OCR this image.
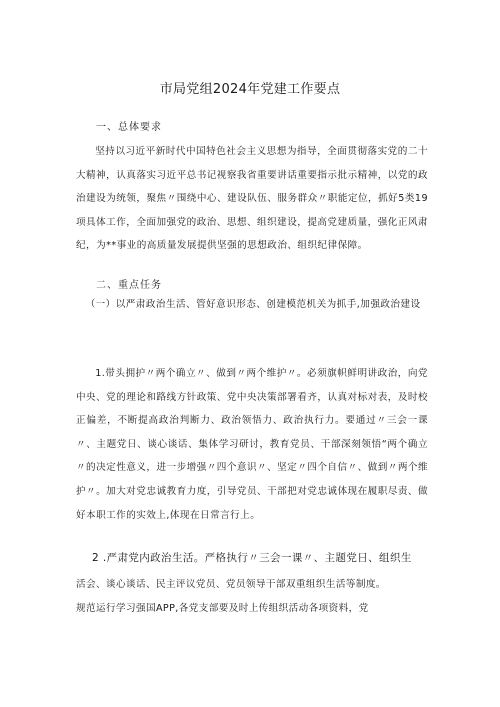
市局党组2024年党建工作要点
一、总体要求

坚持以习近平新时代中国特色社会主义思想为指导，全面贯彻落实党的二十大精神，认真落实习近平总书记视察我省重要讲话重要指示批示精神，以党的政治建设为统领，聚焦〃围绕中心、建设队伍、服务群众〃职能定位，抓好5类19项具体工作，全面加强党的政治、思想、组织建设，提高党建质量，强化正风肃纪，为**事业的高质量发展提供坚强的思想政治、组织纪律保障。

二、重点任务

（一）以严肃政治生活、管好意识形态、创建模范机关为抓手,加强政治建设

1.带头拥护〃两个确立〃、做到〃两个维护〃。必须旗帜鲜明讲政治，向党中央、党的理论和路线方针政策、党中央决策部署看齐，认真对标对表，及时校正偏差，不断提高政治判断力、政治领悟力、政治执行力。要通过〃三会一课〃、主题党日、谈心谈话、集体学习研讨，教育党员、干部深刻领悟“两个确立〃的决定性意义，进一步增强〃四个意识〃、坚定〃四个自信〃、做到〃两个维护〃。加大对党忠诚教育力度，引导党员、干部把对党忠诚体现在履职尽责、做好本职工作的实效上,体现在日常言行上。

2 .严肃党内政治生活。严格执行〃三会一课〃、主题党日、组织生
活会、谈心谈话、民主评议党员、党员领导干部双重组织生活等制度。
规范运行学习强国APP,各党支部要及时上传组织活动各项资料，党
